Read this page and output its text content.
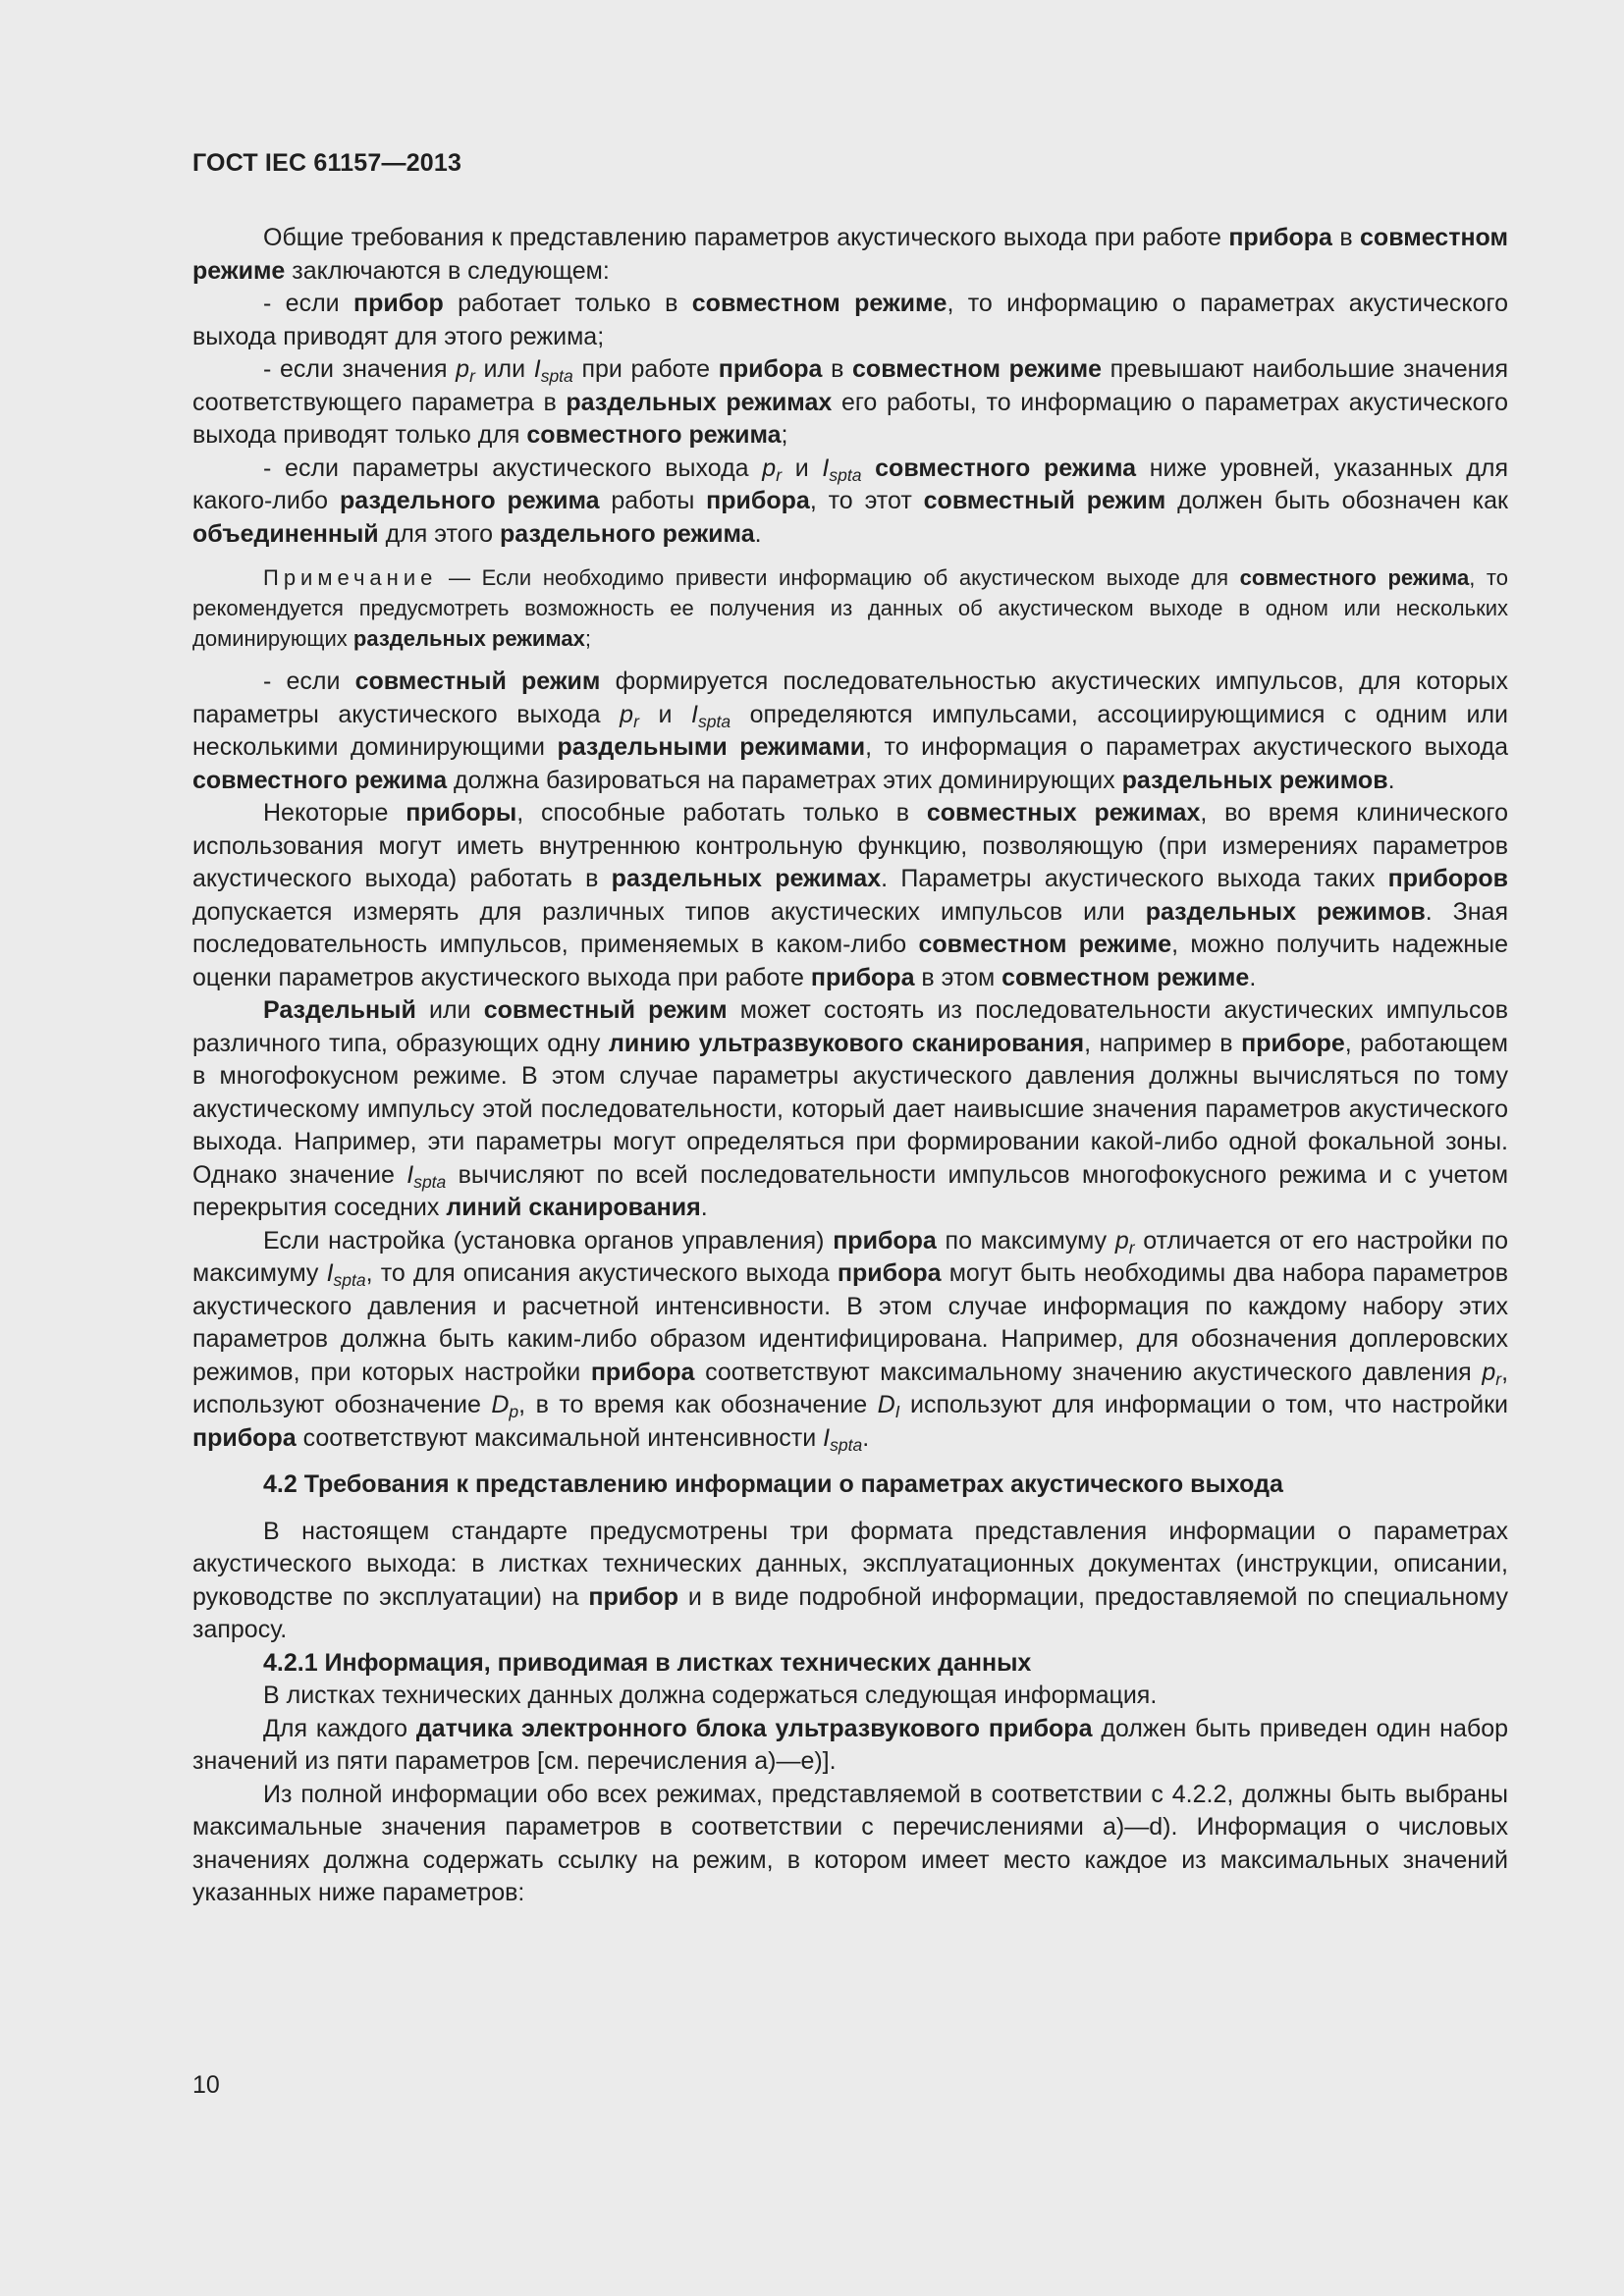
ГОСТ IEC 61157—2013

Общие требования к представлению параметров акустического выхода при работе прибора в совместном режиме заключаются в следующем:

- если прибор работает только в совместном режиме, то информацию о параметрах акустического выхода приводят для этого режима;

- если значения $p_r$ или $I_{spta}$ при работе прибора в совместном режиме превышают наибольшие значения соответствующего параметра в раздельных режимах его работы, то информацию о параметрах акустического выхода приводят только для совместного режима;

- если параметры акустического выхода $p_r$ и $I_{spta}$ совместного режима ниже уровней, указанных для какого-либо раздельного режима работы прибора, то этот совместный режим должен быть обозначен как объединенный для этого раздельного режима.

Примечание — Если необходимо привести информацию об акустическом выходе для совместного режима, то рекомендуется предусмотреть возможность ее получения из данных об акустическом выходе в одном или нескольких доминирующих раздельных режимах;

- если совместный режим формируется последовательностью акустических импульсов, для которых параметры акустического выхода $p_r$ и $I_{spta}$ определяются импульсами, ассоциирующимися с одним или несколькими доминирующими раздельными режимами, то информация о параметрах акустического выхода совместного режима должна базироваться на параметрах этих доминирующих раздельных режимов.

Некоторые приборы, способные работать только в совместных режимах, во время клинического использования могут иметь внутреннюю контрольную функцию, позволяющую (при измерениях параметров акустического выхода) работать в раздельных режимах. Параметры акустического выхода таких приборов допускается измерять для различных типов акустических импульсов или раздельных режимов. Зная последовательность импульсов, применяемых в каком-либо совместном режиме, можно получить надежные оценки параметров акустического выхода при работе прибора в этом совместном режиме.

Раздельный или совместный режим может состоять из последовательности акустических импульсов различного типа, образующих одну линию ультразвукового сканирования, например в приборе, работающем в многофокусном режиме. В этом случае параметры акустического давления должны вычисляться по тому акустическому импульсу этой последовательности, который дает наивысшие значения параметров акустического выхода. Например, эти параметры могут определяться при формировании какой-либо одной фокальной зоны. Однако значение $I_{spta}$ вычисляют по всей последовательности импульсов многофокусного режима и с учетом перекрытия соседних линий сканирования.

Если настройка (установка органов управления) прибора по максимуму $p_r$ отличается от его настройки по максимуму $I_{spta}$, то для описания акустического выхода прибора могут быть необходимы два набора параметров акустического давления и расчетной интенсивности. В этом случае информация по каждому набору этих параметров должна быть каким-либо образом идентифицирована. Например, для обозначения доплеровских режимов, при которых настройки прибора соответствуют максимальному значению акустического давления $p_r$, используют обозначение $D_p$, в то время как обозначение $D_I$ используют для информации о том, что настройки прибора соответствуют максимальной интенсивности $I_{spta}$.

4.2 Требования к представлению информации о параметрах акустического выхода

В настоящем стандарте предусмотрены три формата представления информации о параметрах акустического выхода: в листках технических данных, эксплуатационных документах (инструкции, описании, руководстве по эксплуатации) на прибор и в виде подробной информации, предоставляемой по специальному запросу.

4.2.1 Информация, приводимая в листках технических данных

В листках технических данных должна содержаться следующая информация.

Для каждого датчика электронного блока ультразвукового прибора должен быть приведен один набор значений из пяти параметров [см. перечисления а)—е)].

Из полной информации обо всех режимах, представляемой в соответствии с 4.2.2, должны быть выбраны максимальные значения параметров в соответствии с перечислениями а)—d). Информация о числовых значениях должна содержать ссылку на режим, в котором имеет место каждое из максимальных значений указанных ниже параметров:

10
